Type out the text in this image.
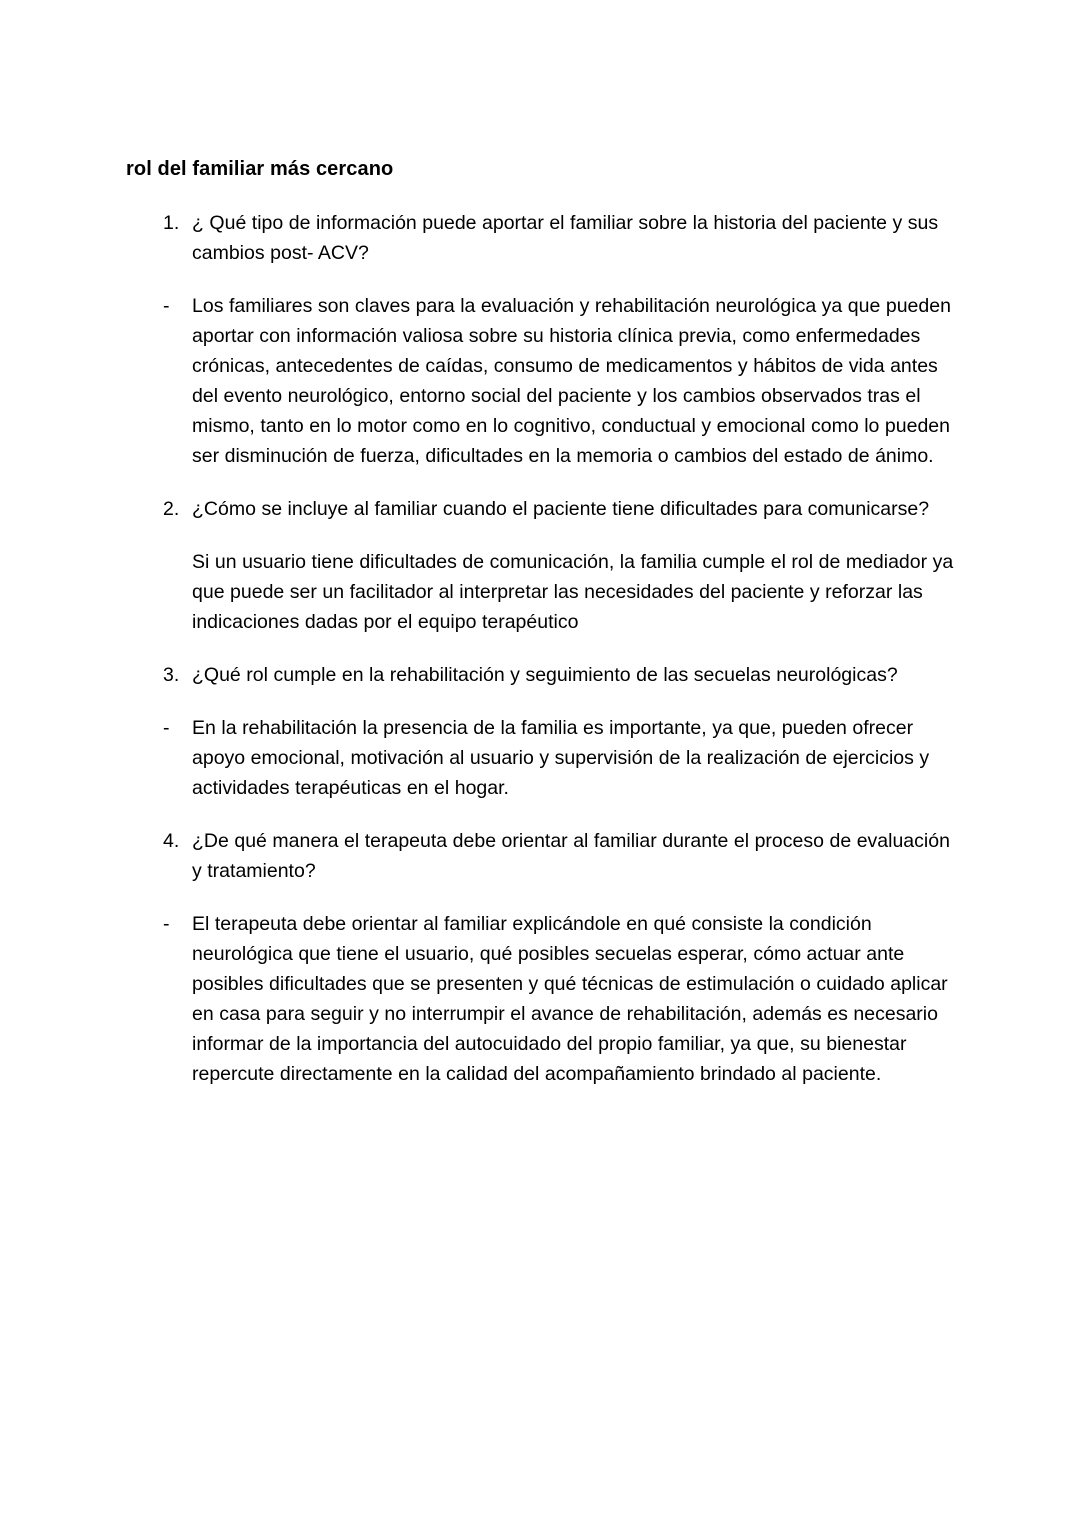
rol del familiar más cercano
1. ¿ Qué tipo de información puede aportar el familiar sobre la historia del paciente y sus cambios post- ACV?
-	Los familiares son claves para la evaluación y rehabilitación neurológica ya que pueden aportar con información valiosa sobre su historia clínica previa, como enfermedades crónicas, antecedentes de caídas, consumo de medicamentos y hábitos de vida antes del evento neurológico, entorno social del paciente y los cambios observados tras el mismo, tanto en lo motor como en lo cognitivo, conductual y emocional como lo pueden ser disminución de fuerza, dificultades en la memoria o cambios del estado de ánimo.
2. ¿Cómo se incluye al familiar cuando el paciente tiene dificultades para comunicarse?
Si un usuario tiene dificultades de comunicación, la familia cumple el rol de mediador ya que puede ser un facilitador al interpretar las necesidades del paciente y reforzar las indicaciones dadas por el equipo terapéutico
3. ¿Qué rol cumple en la rehabilitación y seguimiento de las secuelas neurológicas?
-	En la rehabilitación la presencia de la familia es importante, ya que, pueden ofrecer apoyo emocional, motivación al usuario y supervisión de la realización de ejercicios y actividades terapéuticas en el hogar.
4. ¿De qué manera el terapeuta debe orientar al familiar durante el proceso de evaluación y tratamiento?
-	El terapeuta debe orientar al familiar explicándole en qué consiste la condición neurológica que tiene el usuario, qué posibles secuelas esperar, cómo actuar ante posibles dificultades que se presenten y qué técnicas de estimulación o cuidado aplicar en casa para seguir y no interrumpir el avance de rehabilitación, además es necesario informar de la importancia del autocuidado del propio familiar, ya que, su bienestar repercute directamente en la calidad del acompañamiento brindado al paciente.
